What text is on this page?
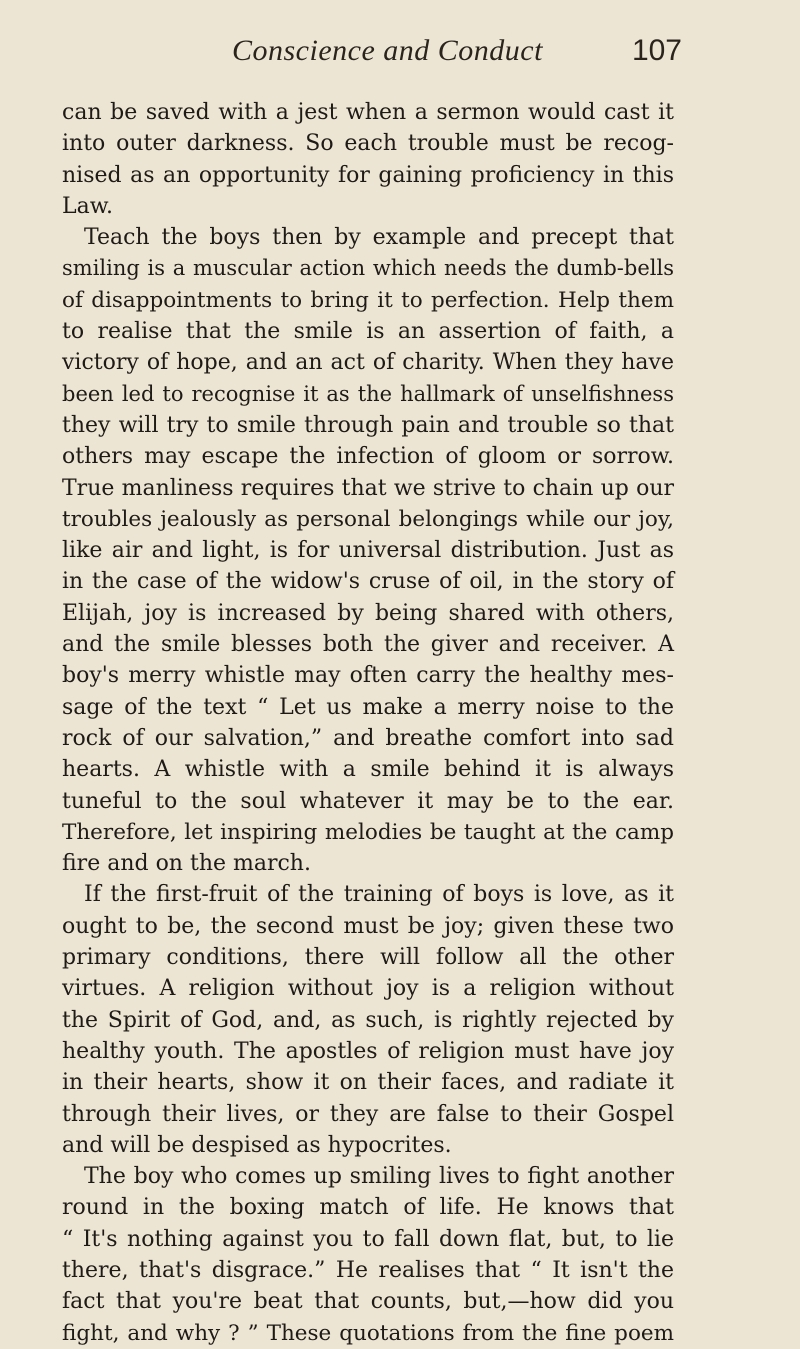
Conscience and Conduct	107
can be saved with a jest when a sermon would cast it
into outer darkness. So each trouble must be recog-
nised as an opportunity for gaining proficiency in this
Law.
Teach the boys then by example and precept that
smiling is a muscular action which needs the dumb-bells
of disappointments to bring it to perfection. Help them
to realise that the smile is an assertion of faith, a
victory of hope, and an act of charity. When they have
been led to recognise it as the hallmark of unselfishness
they will try to smile through pain and trouble so that
others may escape the infection of gloom or sorrow.
True manliness requires that we strive to chain up our
troubles jealously as personal belongings while our joy,
like air and light, is for universal distribution. Just as
in the case of the widow's cruse of oil, in the story of
Elijah, joy is increased by being shared with others,
and the smile blesses both the giver and receiver. A
boy's merry whistle may often carry the healthy mes-
sage of the text “ Let us make a merry noise to the
rock of our salvation,” and breathe comfort into sad
hearts. A whistle with a smile behind it is always
tuneful to the soul whatever it may be to the ear.
Therefore, let inspiring melodies be taught at the camp
fire and on the march.
If the first-fruit of the training of boys is love, as it
ought to be, the second must be joy; given these two
primary conditions, there will follow all the other
virtues. A religion without joy is a religion without
the Spirit of God, and, as such, is rightly rejected by
healthy youth. The apostles of religion must have joy
in their hearts, show it on their faces, and radiate it
through their lives, or they are false to their Gospel
and will be despised as hypocrites.
The boy who comes up smiling lives to fight another
round in the boxing match of life. He knows that
“ It's nothing against you to fall down flat, but, to lie
there, that's disgrace.” He realises that “ It isn't the
fact that you're beat that counts, but,—how did you
fight, and why ? ” These quotations from the fine poem
